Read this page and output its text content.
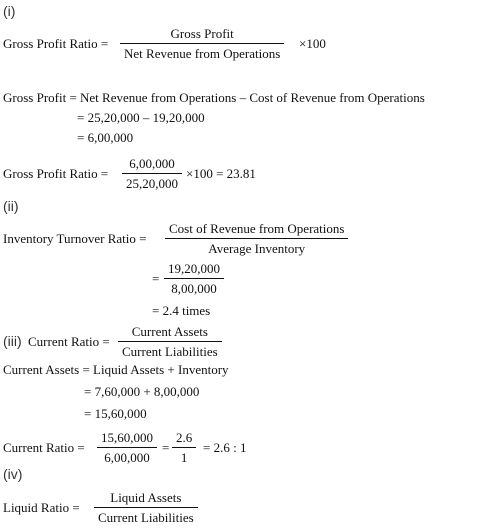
(i)
Gross Profit Ratio =
Gross Profit
Net Revenue from Operations
×100
Gross Profit = Net Revenue from Operations – Cost of Revenue from Operations
= 25,20,000 – 19,20,000
= 6,00,000
Gross Profit Ratio = $\frac{6,00,000}{25,20,000} \times 100 = 23.81$
(ii)
Inventory Turnover Ratio =
Cost of Revenue from Operations
Average Inventory
= $\frac{19,20,000}{8,00,000}$
= 2.4 times
(iii) Current Ratio =
Current Assets
Current Liabilities
Current Assets = Liquid Assets + Inventory
= 7,60,000 + 8,00,000
= 15,60,000
Current Ratio = $\frac{15,60,000}{6,00,000} = \frac{2.6}{1} = 2.6$ : 1
(iv)
Liquid Ratio =
Liquid Assets
Current Liabilities
